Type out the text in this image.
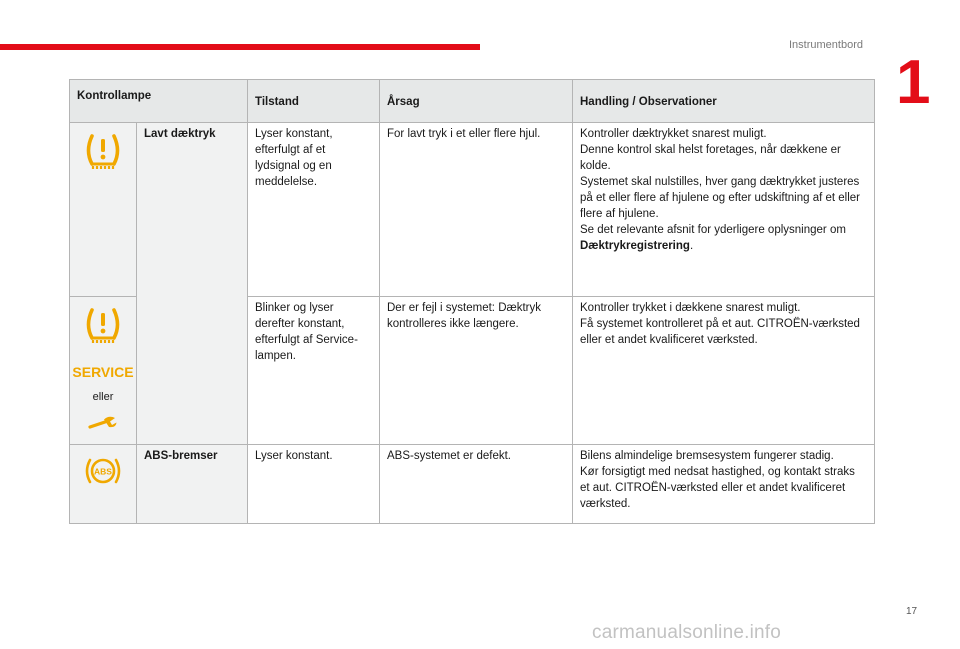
Instrumentbord
1
Kontrollampe		Tilstand	Årsag	Handling / Observationer

	Lavt dæktryk	Lyser konstant, efterfulgt af et lydsignal og en meddelelse.	For lavt tryk i et eller flere hjul.	Kontroller dæktrykket snarest muligt.
Denne kontrol skal helst foretages, når dækkene er kolde.
Systemet skal nulstilles, hver gang dæktrykket justeres på et eller flere af hjulene og efter udskiftning af et eller flere af hjulene.
Se det relevante afsnit for yderligere oplysninger om Dæktrykregistrering.

SERVICE
eller		Blinker og lyser derefter konstant, efterfulgt af Service-lampen.	Der er fejl i systemet: Dæktryk kontrolleres ikke længere.	Kontroller trykket i dækkene snarest muligt.
Få systemet kontrolleret på et aut. CITROËN-værksted eller et andet kvalificeret værksted.

ABS	ABS-bremser	Lyser konstant.	ABS-systemet er defekt.	Bilens almindelige bremsesystem fungerer stadig.
Kør forsigtigt med nedsat hastighed, og kontakt straks et aut. CITROËN-værksted eller et andet kvalificeret værksted.
17
carmanualsonline.info
